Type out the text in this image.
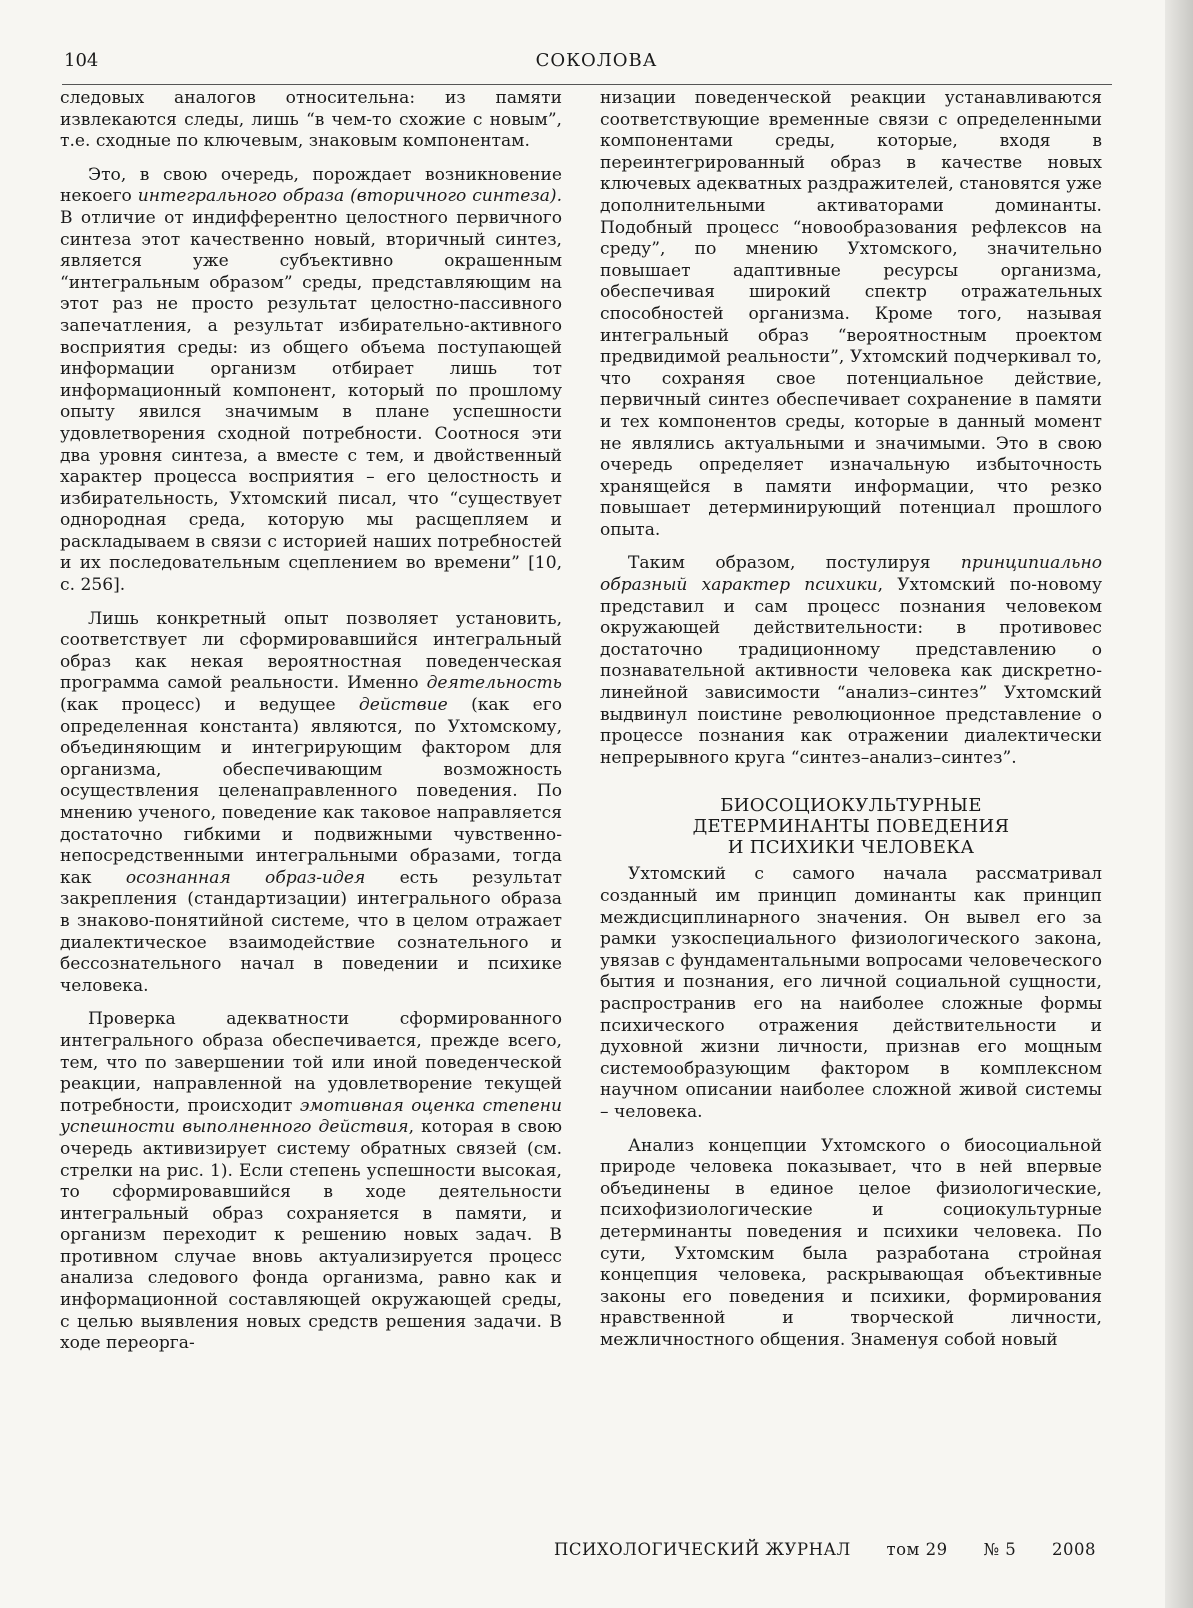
104	СОКОЛОВА

следовых аналогов относительна: из памяти извлекаются следы, лишь “в чем-то схожие с новым”, т.е. сходные по ключевым, знаковым компонентам.

Это, в свою очередь, порождает возникновение некоего интегрального образа (вторичного синтеза). В отличие от индифферентно целостного первичного синтеза этот качественно новый, вторичный синтез, является уже субъективно окрашенным “интегральным образом” среды, представляющим на этот раз не просто результат целостно-пассивного запечатления, а результат избирательно-активного восприятия среды: из общего объема поступающей информации организм отбирает лишь тот информационный компонент, который по прошлому опыту явился значимым в плане успешности удовлетворения сходной потребности. Соотнося эти два уровня синтеза, а вместе с тем, и двойственный характер процесса восприятия – его целостность и избирательность, Ухтомский писал, что “существует однородная среда, которую мы расщепляем и раскладываем в связи с историей наших потребностей и их последовательным сцеплением во времени” [10, с. 256].

Лишь конкретный опыт позволяет установить, соответствует ли сформировавшийся интегральный образ как некая вероятностная поведенческая программа самой реальности. Именно деятельность (как процесс) и ведущее действие (как его определенная константа) являются, по Ухтомскому, объединяющим и интегрирующим фактором для организма, обеспечивающим возможность осуществления целенаправленного поведения. По мнению ученого, поведение как таковое направляется достаточно гибкими и подвижными чувственно-непосредственными интегральными образами, тогда как осознанная образ-идея есть результат закрепления (стандартизации) интегрального образа в знаково-понятийной системе, что в целом отражает диалектическое взаимодействие сознательного и бессознательного начал в поведении и психике человека.

Проверка адекватности сформированного интегрального образа обеспечивается, прежде всего, тем, что по завершении той или иной поведенческой реакции, направленной на удовлетворение текущей потребности, происходит эмотивная оценка степени успешности выполненного действия, которая в свою очередь активизирует систему обратных связей (см. стрелки на рис. 1). Если степень успешности высокая, то сформировавшийся в ходе деятельности интегральный образ сохраняется в памяти, и организм переходит к решению новых задач. В противном случае вновь актуализируется процесс анализа следового фонда организма, равно как и информационной составляющей окружающей среды, с целью выявления новых средств решения задачи. В ходе переорга-

низации поведенческой реакции устанавливаются соответствующие временные связи с определенными компонентами среды, которые, входя в переинтегрированный образ в качестве новых ключевых адекватных раздражителей, становятся уже дополнительными активаторами доминанты. Подобный процесс “новообразования рефлексов на среду”, по мнению Ухтомского, значительно повышает адаптивные ресурсы организма, обеспечивая широкий спектр отражательных способностей организма. Кроме того, называя интегральный образ “вероятностным проектом предвидимой реальности”, Ухтомский подчеркивал то, что сохраняя свое потенциальное действие, первичный синтез обеспечивает сохранение в памяти и тех компонентов среды, которые в данный момент не являлись актуальными и значимыми. Это в свою очередь определяет изначальную избыточность хранящейся в памяти информации, что резко повышает детерминирующий потенциал прошлого опыта.

Таким образом, постулируя принципиально образный характер психики, Ухтомский по-новому представил и сам процесс познания человеком окружающей действительности: в противовес достаточно традиционному представлению о познавательной активности человека как дискретно-линейной зависимости “анализ–синтез” Ухтомский выдвинул поистине революционное представление о процессе познания как отражении диалектически непрерывного круга “синтез–анализ–синтез”.

БИОСОЦИОКУЛЬТУРНЫЕ
ДЕТЕРМИНАНТЫ ПОВЕДЕНИЯ
И ПСИХИКИ ЧЕЛОВЕКА

Ухтомский с самого начала рассматривал созданный им принцип доминанты как принцип междисциплинарного значения. Он вывел его за рамки узкоспециального физиологического закона, увязав с фундаментальными вопросами человеческого бытия и познания, его личной социальной сущности, распространив его на наиболее сложные формы психического отражения действительности и духовной жизни личности, признав его мощным системообразующим фактором в комплексном научном описании наиболее сложной живой системы – человека.

Анализ концепции Ухтомского о биосоциальной природе человека показывает, что в ней впервые объединены в единое целое физиологические, психофизиологические и социокультурные детерминанты поведения и психики человека. По сути, Ухтомским была разработана стройная концепция человека, раскрывающая объективные законы его поведения и психики, формирования нравственной и творческой личности, межличностного общения. Знаменуя собой новый

ПСИХОЛОГИЧЕСКИЙ ЖУРНАЛ том 29 № 5 2008
